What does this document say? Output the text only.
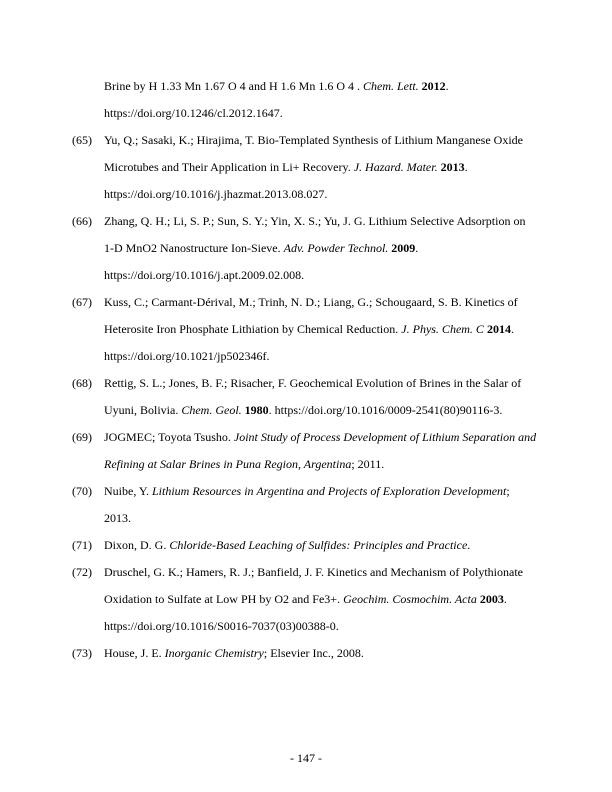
Brine by H 1.33 Mn 1.67 O 4 and H 1.6 Mn 1.6 O 4 . Chem. Lett. 2012.
https://doi.org/10.1246/cl.2012.1647.
(65) Yu, Q.; Sasaki, K.; Hirajima, T. Bio-Templated Synthesis of Lithium Manganese Oxide
Microtubes and Their Application in Li+ Recovery. J. Hazard. Mater. 2013.
https://doi.org/10.1016/j.jhazmat.2013.08.027.
(66) Zhang, Q. H.; Li, S. P.; Sun, S. Y.; Yin, X. S.; Yu, J. G. Lithium Selective Adsorption on
1-D MnO2 Nanostructure Ion-Sieve. Adv. Powder Technol. 2009.
https://doi.org/10.1016/j.apt.2009.02.008.
(67) Kuss, C.; Carmant-Dérival, M.; Trinh, N. D.; Liang, G.; Schougaard, S. B. Kinetics of
Heterosite Iron Phosphate Lithiation by Chemical Reduction. J. Phys. Chem. C 2014.
https://doi.org/10.1021/jp502346f.
(68) Rettig, S. L.; Jones, B. F.; Risacher, F. Geochemical Evolution of Brines in the Salar of
Uyuni, Bolivia. Chem. Geol. 1980. https://doi.org/10.1016/0009-2541(80)90116-3.
(69) JOGMEC; Toyota Tsusho. Joint Study of Process Development of Lithium Separation and
Refining at Salar Brines in Puna Region, Argentina; 2011.
(70) Nuibe, Y. Lithium Resources in Argentina and Projects of Exploration Development;
2013.
(71) Dixon, D. G. Chloride-Based Leaching of Sulfides: Principles and Practice.
(72) Druschel, G. K.; Hamers, R. J.; Banfield, J. F. Kinetics and Mechanism of Polythionate
Oxidation to Sulfate at Low PH by O2 and Fe3+. Geochim. Cosmochim. Acta 2003.
https://doi.org/10.1016/S0016-7037(03)00388-0.
(73) House, J. E. Inorganic Chemistry; Elsevier Inc., 2008.
- 147 -
